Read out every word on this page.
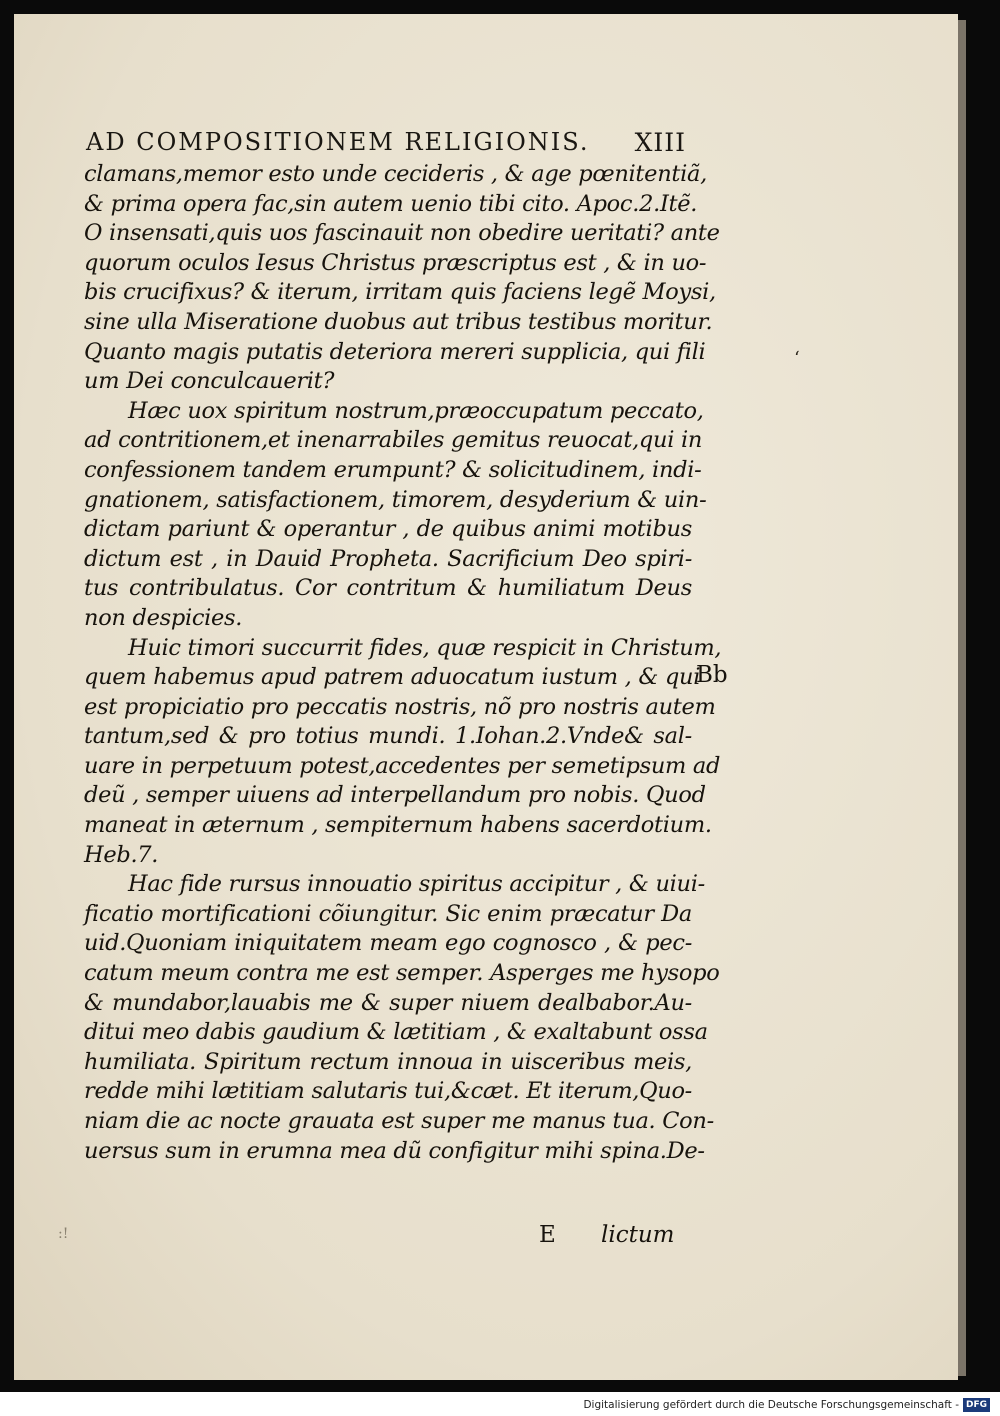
AD COMPOSITIONEM RELIGIONIS. XIII
clamans,memor esto unde cecideris , & age pœnitentiã,
& prima opera fac,sin autem uenio tibi cito. Apoc.2.Itẽ.
O insensati,quis uos fascinauit non obedire ueritati? ante
quorum oculos Iesus Christus præscriptus est , & in uo-
bis crucifixus? & iterum, irritam quis faciens legẽ Moysi,
sine ulla Miseratione duobus aut tribus testibus moritur.
Quanto magis putatis deteriora mereri supplicia, qui fili
um Dei conculcauerit?
Hæc uox spiritum nostrum,præoccupatum peccato,
ad contritionem,et inenarrabiles gemitus reuocat,qui in
confessionem tandem erumpunt? & solicitudinem, indi-
gnationem, satisfactionem, timorem, desyderium & uin-
dictam pariunt & operantur , de quibus animi motibus
dictum est , in Dauid Propheta. Sacrificium Deo spiri-
tus contribulatus. Cor contritum & humiliatum Deus
non despicies.
Huic timori succurrit fides, quæ respicit in Christum,
quem habemus apud patrem aduocatum iustum , & qui
est propiciatio pro peccatis nostris, nõ pro nostris autem
tantum,sed & pro totius mundi. 1.Iohan.2.Vnde& sal-
uare in perpetuum potest,accedentes per semetipsum ad
deũ , semper uiuens ad interpellandum pro nobis. Quod
maneat in æternum , sempiternum habens sacerdotium.
Heb.7.
Hac fide rursus innouatio spiritus accipitur , & uiui-
ficatio mortificationi cõiungitur. Sic enim præcatur Da
uid.Quoniam iniquitatem meam ego cognosco , & pec-
catum meum contra me est semper. Asperges me hysopo
& mundabor,lauabis me & super niuem dealbabor.Au-
ditui meo dabis gaudium & lætitiam , & exaltabunt ossa
humiliata. Spiritum rectum innoua in uisceribus meis,
redde mihi lætitiam salutaris tui,&cæt. Et iterum,Quo-
niam die ac nocte grauata est super me manus tua. Con-
uersus sum in erumna mea dũ configitur mihi spina.De-
Bb
‘
:!	E lictum
Digitalisierung gefördert durch die Deutsche Forschungsgemeinschaft - DFG
